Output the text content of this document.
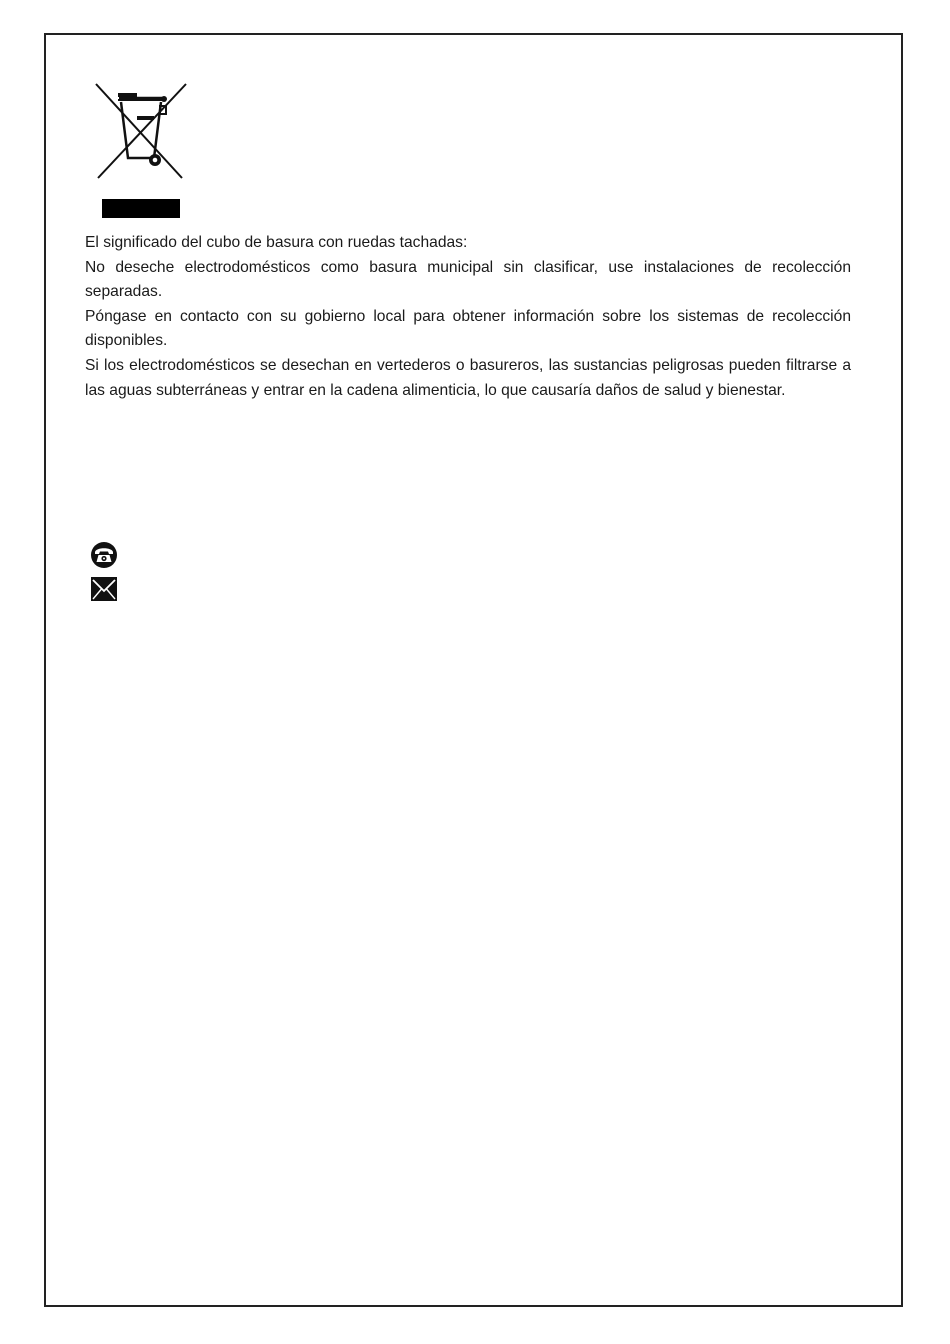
El significado del cubo de basura con ruedas tachadas:

No deseche electrodomésticos como basura municipal sin clasificar, use instalaciones de recolección separadas.

Póngase en contacto con su gobierno local para obtener información sobre los sistemas de recolección disponibles.

Si los electrodomésticos se desechan en vertederos o basureros, las sustancias peligrosas pueden filtrarse a las aguas subterráneas y entrar en la cadena alimenticia, lo que causaría daños de salud y bienestar.
